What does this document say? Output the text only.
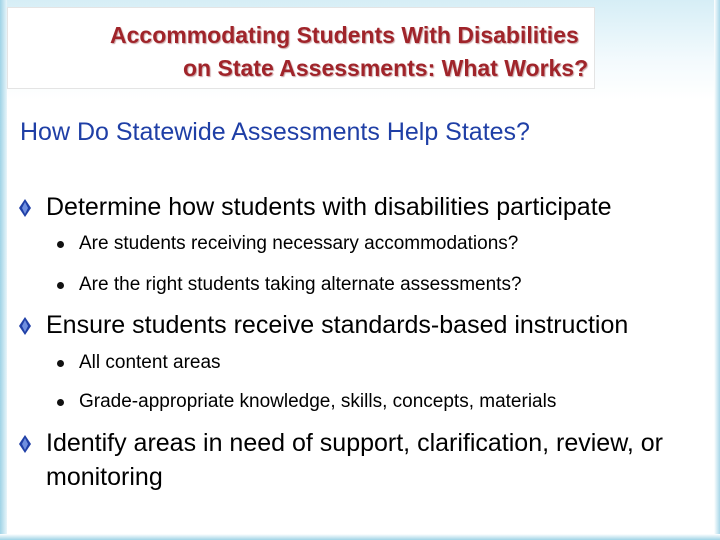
Accommodating Students With Disabilities
on State Assessments: What Works?
How Do Statewide Assessments Help States?
Determine how students with disabilities participate
Are students receiving necessary accommodations?
Are the right students taking alternate assessments?
Ensure students receive standards-based instruction
All content areas
Grade-appropriate knowledge, skills, concepts, materials
Identify areas in need of support, clarification, review, or monitoring
